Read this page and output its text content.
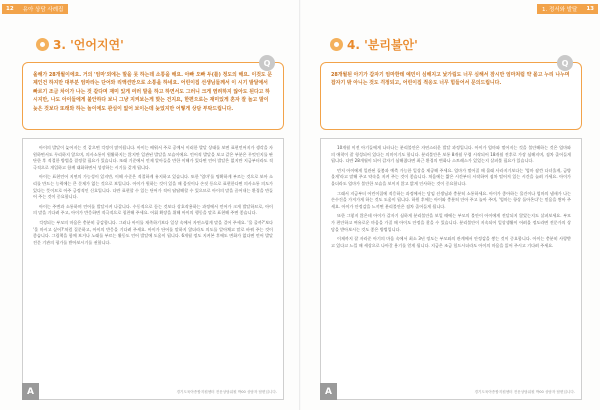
12	유아 상담 사례집
3. '언어지연'
Q
올해가 28개월이에요. 거의 '엄마'외에는 말을 못 하는데 소통을 해요. 아빠 오빠 두(를) 정도의 해요. 이것도 문제인건 하지만 대부분 엄마라는 단어와 리액션만으로 소통을 하네요. 어린이집 선생님들께서 이 시기 발달에서 빠르기 조금 차이가 나는 것 같다며 재미 있게 여러 말을 하고 하면서도 그러니 크게 염려하지 않아도 된다고 하시지만, 나도 아이들에게 불안하다 보니 그냥 지켜보는게 맞는 건지요, 한편으로는 재미있게 혼자 잘 놀고 말이 늦은 것보다 또래와 하는 놀이에도 관심이 없어 보이는데 늦었지만 어떻게 상담 부탁드립니다.

아이의 발달이 늦어지는 것 같으면 걱정이 많이됩니다. 아이는 배워서 주로 공예서 이러한 발달 상태를 보면 표현언어지가 생각을 자원하면서도 무리하지 않으며, 의사소통이 원활하지는 않지만 일관된 발달을 모습이에요. 언어적 발달을 보고 같은 부분은 무엇인지를 판단한 후 적절한 방법을 결정할 필요가 있습니다. 또래 기준에서 언제 알아들을 만한 이해가 있다면 언어 발달은 없지만 지금부터라도 적극적으로 개입하고 함께 대화하면서 성장하는 시기를 갖게 됩니다.

아이는 표현언어 지연의 가능성이 있지만, 이해 수준은 적절하게 유지하고 있습니다. 또한 '엄마'를 명확하게 부르는 것으로 보아 소리를 만드는 능력에는 큰 문제가 없는 것으로 보입니다. 아이가 원하는 것이 있을 때 몸짓이나 손짓 등으로 표현한다면 의사소통 의도가 있다는 뜻이므로 아주 긍정적인 신호입니다. 다만 표현할 수 있는 단어가 적어 답답해할 수 있으므로 아이의 말을 끌어내는 환경을 만들어 주는 것이 중요합니다.

아이는 주변과 소통하며 언어를 발달시켜 나갑니다. 수동적으로 듣는 것보다 상호작용하는 과정에서 언어가 크게 발달하므로, 아이의 말을 기다려 주고, 아이가 반응하면 적극적으로 칭찬해 주세요. 어휘 확장을 위해 아이의 행동을 말로 표현해 주면 좋습니다.

걱정되는 부모의 마음은 충분히 공감합니다. 그러나 아이를 재촉하기보다 일상 속에서 자연스럽게 말을 걸어 주세요. '물 줄까?'보다 '물 마시고 싶어?'처럼 질문하고, 아이의 반응을 기다려 주세요. 아이가 단어를 말하지 않더라도 의도를 알아채고 말로 바꿔 주는 것이 좋습니다. 그림책을 함께 보거나 노래를 부르는 활동도 언어 발달에 도움이 됩니다. 6개월 정도 지켜본 후에도 변화가 없다면 언어 발달 전문 기관의 평가를 받아보시기를 권합니다.

A	경기도육아종합지원센터 전문상담위원 박00 상담자 답변입니다.
1. 정서와 발달	13
4. '분리불안'
Q
28개월된 아기가 갑자기 엄마한테 예민이 심해지고 낯가림도 너무 심해서 잠시만 엄마처럼 약 몰고 누리 나누며 잡자기 밖 아니는 것도 걱정되고, 어린이집 적응도 너무 힘들어서 문의드립니다.

10개월 이전 아기들에게 나타나는 분리불안은 자연스러운 발달 과정입니다. 아이가 엄마와 떨어지는 것을 불안해하는 것은 엄마와의 애착이 잘 형성되어 있다는 의미이기도 합니다. 분리불안은 보통 8개월 무렵 시작되어 18개월 전후로 가장 심해지며, 점차 줄어들게 됩니다. 다만 28개월이 되어 갑자기 심해졌다면 최근 환경의 변화나 스트레스가 있었는지 살펴볼 필요가 있습니다.

먼저 아이에게 일관된 돌봄과 예측 가능한 일상을 제공해 주세요. 엄마가 떨어질 때 몰래 사라지기보다는 '엄마 잠깐 다녀올게, 금방 올게'라고 말해 주고 약속을 지켜 주는 것이 좋습니다. 처음에는 짧은 시간부터 시작하여 점차 떨어져 있는 시간을 늘려 가세요. 아이가 울더라도 엄마가 불안한 모습을 보이지 않고 밝게 인사하는 것이 중요합니다.

그래서 지금부터 어린이집에 적응하는 과정에서는 담임 선생님과 충분히 소통하세요. 아이가 좋아하는 물건이나 엄마의 냄새가 나는 손수건을 가져가게 하는 것도 도움이 됩니다. 하원 후에는 아이와 충분히 안아 주고 놀아 주며, '엄마는 항상 돌아온다'는 믿음을 쌓아 주세요. 아이가 안정감을 느끼면 분리불안은 점차 줄어들게 됩니다.

또한 그렇지 않은데 아이가 갑자기 심하게 분리불안을 보일 때에는 부모의 불안이 아이에게 전달되지 않았는지도 살펴보세요. 부모가 편안하고 여유로운 마음을 가질 때 아이도 안정을 찾을 수 있습니다. 분리불안이 지속되어 일상생활이 어려울 정도라면 전문가의 상담을 받아보시는 것도 좋은 방법입니다.

이제까지 잘 자라준 아기의 마음 속에서 최소 3년 정도는 부모와의 관계에서 안정감을 쌓는 것이 중요합니다. 아이는 충분히 사랑받고 있다고 느낄 때 세상으로 나아갈 용기를 얻게 됩니다. 지금은 조금 힘드시더라도 아이의 마음을 읽어 주시고 기다려 주세요.

A	경기도육아종합지원센터 전문상담위원 박00 상담자 답변입니다.
